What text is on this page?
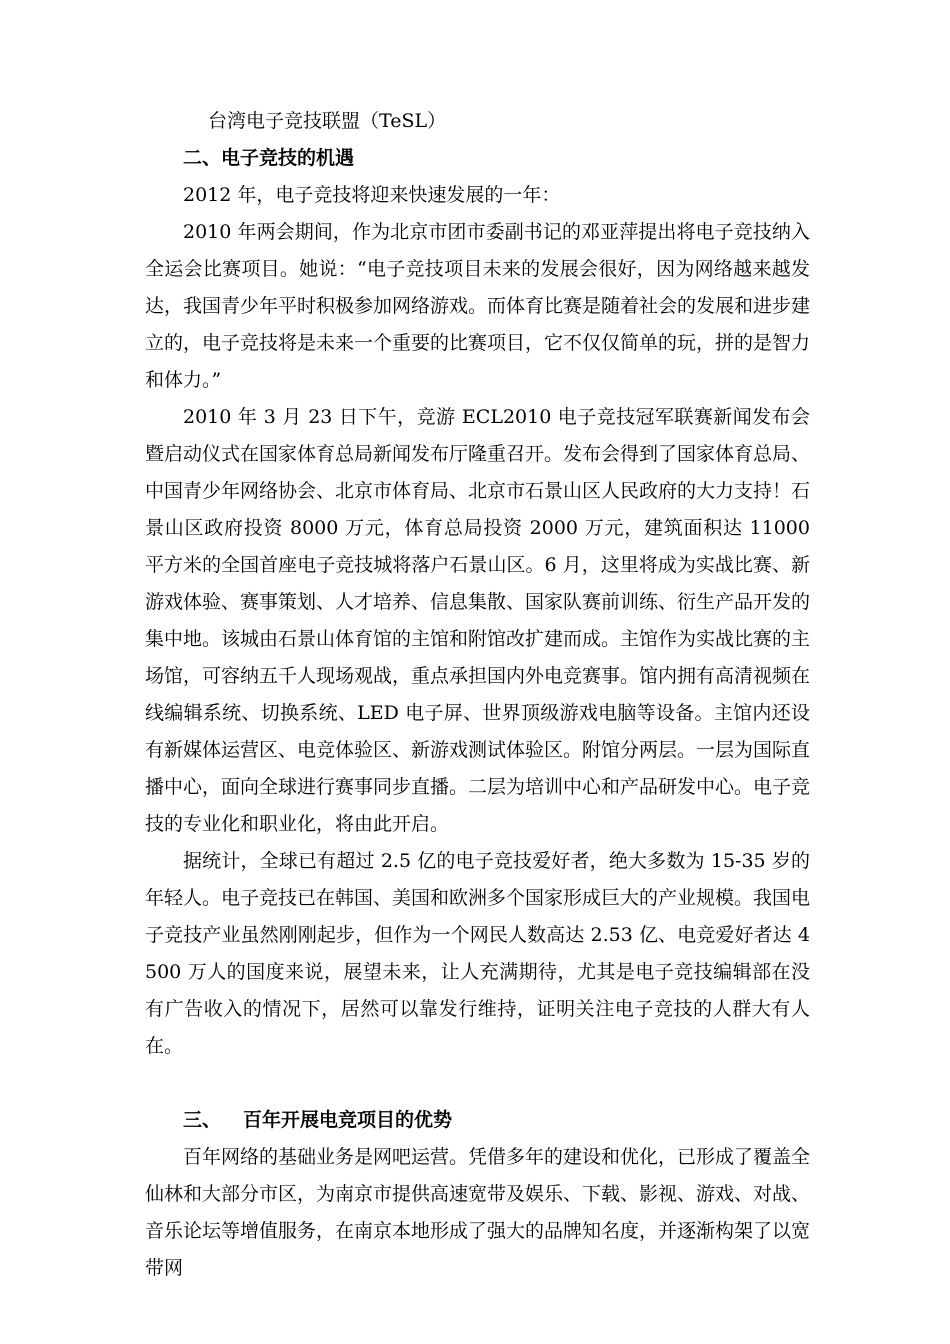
台湾电子竞技联盟（TeSL）

二、电子竞技的机遇

2012 年，电子竞技将迎来快速发展的一年：

2010 年两会期间，作为北京市团市委副书记的邓亚萍提出将电子竞技纳入全运会比赛项目。她说：“电子竞技项目未来的发展会很好，因为网络越来越发达，我国青少年平时积极参加网络游戏。而体育比赛是随着社会的发展和进步建立的，电子竞技将是未来一个重要的比赛项目，它不仅仅简单的玩，拼的是智力和体力。”

2010 年 3 月 23 日下午，竞游 ECL2010 电子竞技冠军联赛新闻发布会暨启动仪式在国家体育总局新闻发布厅隆重召开。发布会得到了国家体育总局、中国青少年网络协会、北京市体育局、北京市石景山区人民政府的大力支持！石景山区政府投资 8000 万元，体育总局投资 2000 万元，建筑面积达 11000 平方米的全国首座电子竞技城将落户石景山区。6 月，这里将成为实战比赛、新游戏体验、赛事策划、人才培养、信息集散、国家队赛前训练、衍生产品开发的集中地。该城由石景山体育馆的主馆和附馆改扩建而成。主馆作为实战比赛的主场馆，可容纳五千人现场观战，重点承担国内外电竞赛事。馆内拥有高清视频在线编辑系统、切换系统、LED 电子屏、世界顶级游戏电脑等设备。主馆内还设有新媒体运营区、电竞体验区、新游戏测试体验区。附馆分两层。一层为国际直播中心，面向全球进行赛事同步直播。二层为培训中心和产品研发中心。电子竞技的专业化和职业化，将由此开启。

据统计，全球已有超过 2.5 亿的电子竞技爱好者，绝大多数为 15-35 岁的年轻人。电子竞技已在韩国、美国和欧洲多个国家形成巨大的产业规模。我国电子竞技产业虽然刚刚起步，但作为一个网民人数高达 2.53 亿、电竞爱好者达 4500 万人的国度来说，展望未来，让人充满期待，尤其是电子竞技编辑部在没有广告收入的情况下，居然可以靠发行维持，证明关注电子竞技的人群大有人在。

三、 百年开展电竞项目的优势

百年网络的基础业务是网吧运营。凭借多年的建设和优化，已形成了覆盖全仙林和大部分市区，为南京市提供高速宽带及娱乐、下载、影视、游戏、对战、音乐论坛等增值服务，在南京本地形成了强大的品牌知名度，并逐渐构架了以宽带网
